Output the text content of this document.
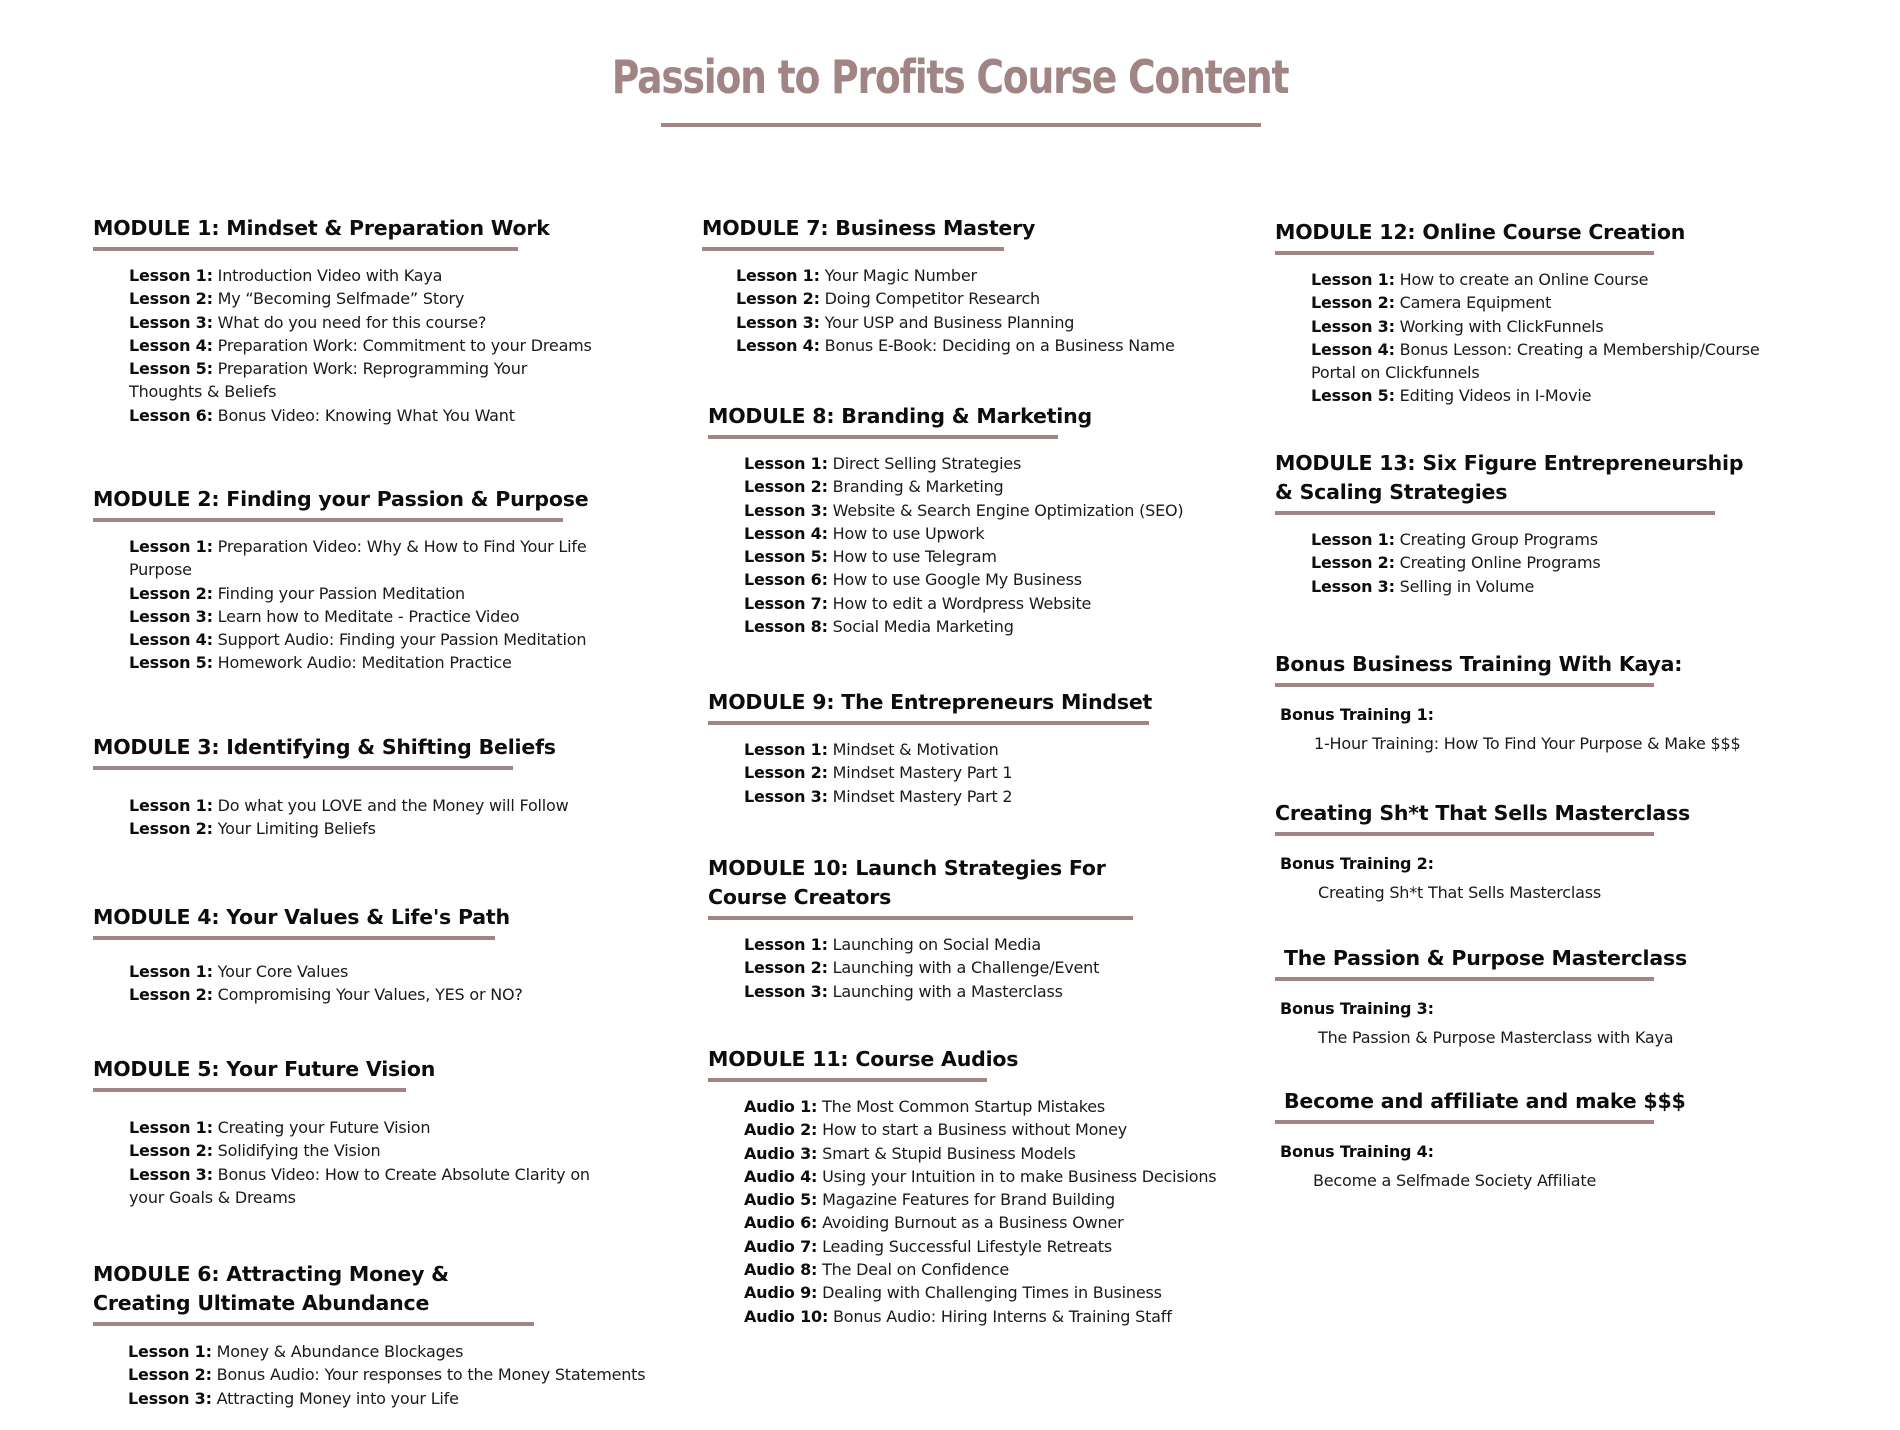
Passion to Profits Course Content
MODULE 1: Mindset & Preparation Work
Lesson 1: Introduction Video with Kaya
Lesson 2: My “Becoming Selfmade” Story
Lesson 3: What do you need for this course?
Lesson 4: Preparation Work: Commitment to your Dreams
Lesson 5: Preparation Work: Reprogramming Your Thoughts & Beliefs
Lesson 6: Bonus Video: Knowing What You Want
MODULE 2: Finding your Passion & Purpose
Lesson 1: Preparation Video: Why & How to Find Your Life Purpose
Lesson 2: Finding your Passion Meditation
Lesson 3: Learn how to Meditate - Practice Video
Lesson 4: Support Audio: Finding your Passion Meditation
Lesson 5: Homework Audio: Meditation Practice
MODULE 3: Identifying & Shifting Beliefs
Lesson 1: Do what you LOVE and the Money will Follow
Lesson 2: Your Limiting Beliefs
MODULE 4: Your Values & Life's Path
Lesson 1: Your Core Values
Lesson 2: Compromising Your Values, YES or NO?
MODULE 5: Your Future Vision
Lesson 1: Creating your Future Vision
Lesson 2: Solidifying the Vision
Lesson 3: Bonus Video: How to Create Absolute Clarity on your Goals & Dreams
MODULE 6: Attracting Money & Creating Ultimate Abundance
Lesson 1: Money & Abundance Blockages
Lesson 2: Bonus Audio: Your responses to the Money Statements
Lesson 3: Attracting Money into your Life
MODULE 7: Business Mastery
Lesson 1: Your Magic Number
Lesson 2: Doing Competitor Research
Lesson 3: Your USP and Business Planning
Lesson 4: Bonus E-Book: Deciding on a Business Name
MODULE 8: Branding & Marketing
Lesson 1: Direct Selling Strategies
Lesson 2: Branding & Marketing
Lesson 3: Website & Search Engine Optimization (SEO)
Lesson 4: How to use Upwork
Lesson 5: How to use Telegram
Lesson 6: How to use Google My Business
Lesson 7: How to edit a Wordpress Website
Lesson 8: Social Media Marketing
MODULE 9: The Entrepreneurs Mindset
Lesson 1: Mindset & Motivation
Lesson 2: Mindset Mastery Part 1
Lesson 3: Mindset Mastery Part 2
MODULE 10: Launch Strategies For Course Creators
Lesson 1: Launching on Social Media
Lesson 2: Launching with a Challenge/Event
Lesson 3: Launching with a Masterclass
MODULE 11: Course Audios
Audio 1: The Most Common Startup Mistakes
Audio 2: How to start a Business without Money
Audio 3: Smart & Stupid Business Models
Audio 4: Using your Intuition in to make Business Decisions
Audio 5: Magazine Features for Brand Building
Audio 6: Avoiding Burnout as a Business Owner
Audio 7: Leading Successful Lifestyle Retreats
Audio 8: The Deal on Confidence
Audio 9: Dealing with Challenging Times in Business
Audio 10: Bonus Audio: Hiring Interns & Training Staff
MODULE 12: Online Course Creation
Lesson 1: How to create an Online Course
Lesson 2: Camera Equipment
Lesson 3: Working with ClickFunnels
Lesson 4: Bonus Lesson: Creating a Membership/Course Portal on Clickfunnels
Lesson 5: Editing Videos in I-Movie
MODULE 13: Six Figure Entrepreneurship & Scaling Strategies
Lesson 1: Creating Group Programs
Lesson 2: Creating Online Programs
Lesson 3: Selling in Volume
Bonus Business Training With Kaya:
Bonus Training 1:
1-Hour Training: How To Find Your Purpose & Make $$$
Creating Sh*t That Sells Masterclass
Bonus Training 2:
Creating Sh*t That Sells Masterclass
The Passion & Purpose Masterclass
Bonus Training 3:
The Passion & Purpose Masterclass with Kaya
Become and affiliate and make $$$
Bonus Training 4:
Become a Selfmade Society Affiliate
